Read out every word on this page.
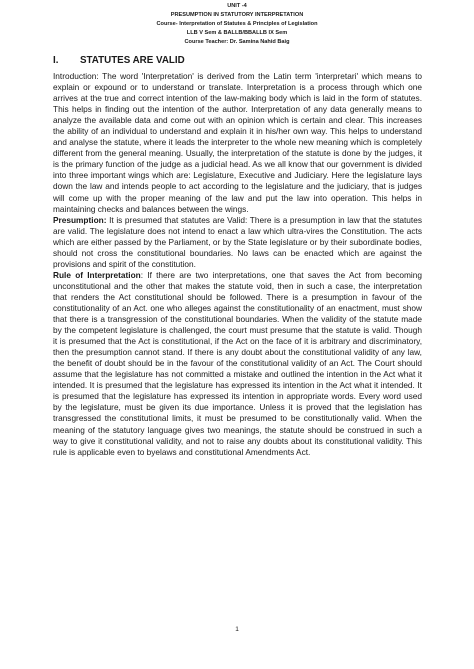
UNIT -4
PRESUMPTION IN STATUTORY INTERPRETATION
Course- Interpretation of Statutes & Principles of Legislation
LLB V Sem & BALLB/BBALLB IX Sem
Course Teacher: Dr. Samina Nahid Baig
I. STATUTES ARE VALID

Introduction: The word 'Interpretation' is derived from the Latin term 'interpretari' which means to explain or expound or to understand or translate. Interpretation is a process through which one arrives at the true and correct intention of the law-making body which is laid in the form of statutes. This helps in finding out the intention of the author. Interpretation of any data generally means to analyze the available data and come out with an opinion which is certain and clear. This increases the ability of an individual to understand and explain it in his/her own way. This helps to understand and analyse the statute, where it leads the interpreter to the whole new meaning which is completely different from the general meaning. Usually, the interpretation of the statute is done by the judges, it is the primary function of the judge as a judicial head. As we all know that our government is divided into three important wings which are: Legislature, Executive and Judiciary. Here the legislature lays down the law and intends people to act according to the legislature and the judiciary, that is judges will come up with the proper meaning of the law and put the law into operation. This helps in maintaining checks and balances between the wings.

Presumption: It is presumed that statutes are Valid: There is a presumption in law that the statutes are valid. The legislature does not intend to enact a law which ultra-vires the Constitution. The acts which are either passed by the Parliament, or by the State legislature or by their subordinate bodies, should not cross the constitutional boundaries. No laws can be enacted which are against the provisions and spirit of the constitution.

Rule of Interpretation: If there are two interpretations, one that saves the Act from becoming unconstitutional and the other that makes the statute void, then in such a case, the interpretation that renders the Act constitutional should be followed. There is a presumption in favour of the constitutionality of an Act. one who alleges against the constitutionality of an enactment, must show that there is a transgression of the constitutional boundaries. When the validity of the statute made by the competent legislature is challenged, the court must presume that the statute is valid. Though it is presumed that the Act is constitutional, if the Act on the face of it is arbitrary and discriminatory, then the presumption cannot stand. If there is any doubt about the constitutional validity of any law, the benefit of doubt should be in the favour of the constitutional validity of an Act. The Court should assume that the legislature has not committed a mistake and outlined the intention in the Act what it intended. It is presumed that the legislature has expressed its intention in the Act what it intended. It is presumed that the legislature has expressed its intention in appropriate words. Every word used by the legislature, must be given its due importance. Unless it is proved that the legislation has transgressed the constitutional limits, it must be presumed to be constitutionally valid. When the meaning of the statutory language gives two meanings, the statute should be construed in such a way to give it constitutional validity, and not to raise any doubts about its constitutional validity. This rule is applicable even to byelaws and constitutional Amendments Act.

1
